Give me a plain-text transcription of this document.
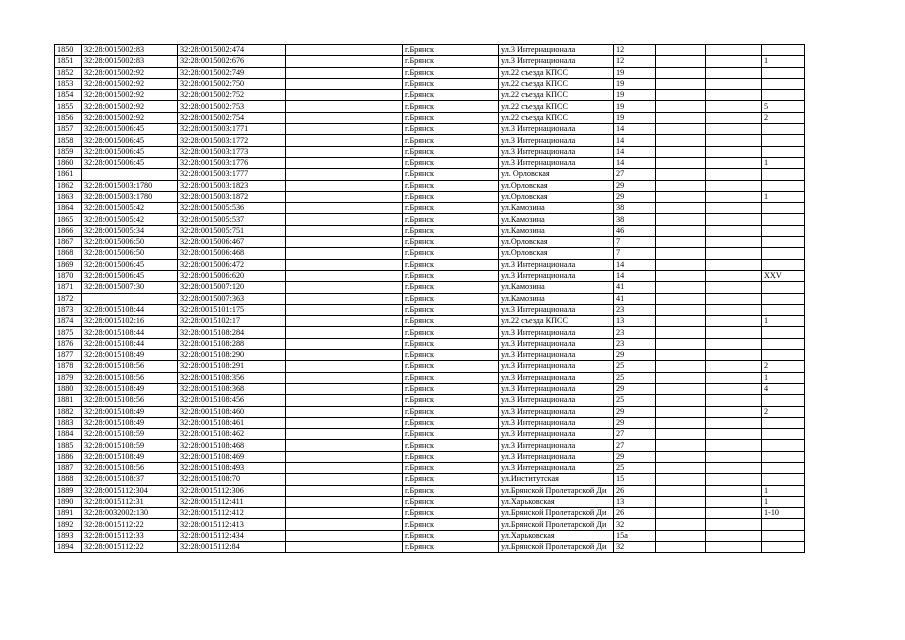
1850	32:28:0015002:83	32:28:0015002:474		г.Брянск	ул.3 Интернационала	12			
1851	32:28:0015002:83	32:28:0015002:676		г.Брянск	ул.3 Интернационала	12			1
1852	32:28:0015002:92	32:28:0015002:749		г.Брянск	ул.22 съезда КПСС	19			
1853	32:28:0015002:92	32:28:0015002:750		г.Брянск	ул.22 съезда КПСС	19			
1854	32:28:0015002:92	32:28:0015002:752		г.Брянск	ул.22 съезда КПСС	19			
1855	32:28:0015002:92	32:28:0015002:753		г.Брянск	ул.22 съезда КПСС	19			5
1856	32:28:0015002:92	32:28:0015002:754		г.Брянск	ул.22 съезда КПСС	19			2
1857	32:28:0015006:45	32:28:0015003:1771		г.Брянск	ул.3 Интернационала	14			
1858	32:28:0015006:45	32:28:0015003:1772		г.Брянск	ул.3 Интернационала	14			
1859	32:28:0015006:45	32:28:0015003:1773		г.Брянск	ул.3 Интернационала	14			
1860	32:28:0015006:45	32:28:0015003:1776		г.Брянск	ул.3 Интернационала	14			1
1861		32:28:0015003:1777		г.Брянск	ул. Орловская	27			
1862	32:28:0015003:1780	32:28:0015003:1823		г.Брянск	ул.Орловская	29			
1863	32:28:0015003:1780	32:28:0015003:1872		г.Брянск	ул.Орловская	29			1
1864	32:28:0015005:42	32:28:0015005:536		г.Брянск	ул.Камозина	38			
1865	32:28:0015005:42	32:28:0015005:537		г.Брянск	ул.Камозина	38			
1866	32:28:0015005:34	32:28:0015005:751		г.Брянск	ул.Камозина	46			
1867	32:28:0015006:50	32:28:0015006:467		г.Брянск	ул.Орловская	7			
1868	32:28:0015006:50	32:28:0015006:468		г.Брянск	ул.Орловская	7			
1869	32:28:0015006:45	32:28:0015006:472		г.Брянск	ул.3 Интернационала	14			
1870	32:28:0015006:45	32:28:0015006:620		г.Брянск	ул.3 Интернационала	14			XXV
1871	32:28:0015007:30	32:28:0015007:120		г.Брянск	ул.Камозина	41			
1872		32:28:0015007:363		г.Брянск	ул.Камозина	41			
1873	32:28:0015108:44	32:28:0015101:175		г.Брянск	ул.3 Интернационала	23			
1874	32:28:0015102:16	32:28:0015102:17		г.Брянск	ул.22 съезда КПСС	13			1
1875	32:28:0015108:44	32:28:0015108:284		г.Брянск	ул.3 Интернационала	23			
1876	32:28:0015108:44	32:28:0015108:288		г.Брянск	ул.3 Интернационала	23			
1877	32:28:0015108:49	32:28:0015108:290		г.Брянск	ул.3 Интернационала	29			
1878	32:28:0015108:56	32:28:0015108:291		г.Брянск	ул.3 Интернационала	25			2
1879	32:28:0015108:56	32:28:0015108:356		г.Брянск	ул.3 Интернационала	25			1
1880	32:28:0015108:49	32:28:0015108:368		г.Брянск	ул.3 Интернационала	29			4
1881	32:28:0015108:56	32:28:0015108:456		г.Брянск	ул.3 Интернационала	25			
1882	32:28:0015108:49	32:28:0015108:460		г.Брянск	ул.3 Интернационала	29			2
1883	32:28:0015108:49	32:28:0015108:461		г.Брянск	ул.3 Интернационала	29			
1884	32:28:0015108:59	32:28:0015108:462		г.Брянск	ул.3 Интернационала	27			
1885	32:28:0015108:59	32:28:0015108:468		г.Брянск	ул.3 Интернационала	27			
1886	32:28:0015108:49	32:28:0015108:469		г.Брянск	ул.3 Интернационала	29			
1887	32:28:0015108:56	32:28:0015108:493		г.Брянск	ул.3 Интернационала	25			
1888	32:28:0015108:37	32:28:0015108:70		г.Брянск	ул.Институтская	15			
1889	32:28:0015112:304	32:28:0015112:306		г.Брянск	ул.Брянской Пролетарской Ди	26			1
1890	32:28:0015112:31	32:28:0015112:411		г.Брянск	ул.Харьковская	13			1
1891	32:28:0032002:130	32:28:0015112:412		г.Брянск	ул.Брянской Пролетарской Ди	26			1-10
1892	32:28:0015112:22	32:28:0015112:413		г.Брянск	ул.Брянской Пролетарской Ди	32			
1893	32:28:0015112:33	32:28:0015112:434		г.Брянск	ул.Харьковская	15а			
1894	32:28:0015112:22	32:28:0015112:84		г.Брянск	ул.Брянской Пролетарской Ди	32			
